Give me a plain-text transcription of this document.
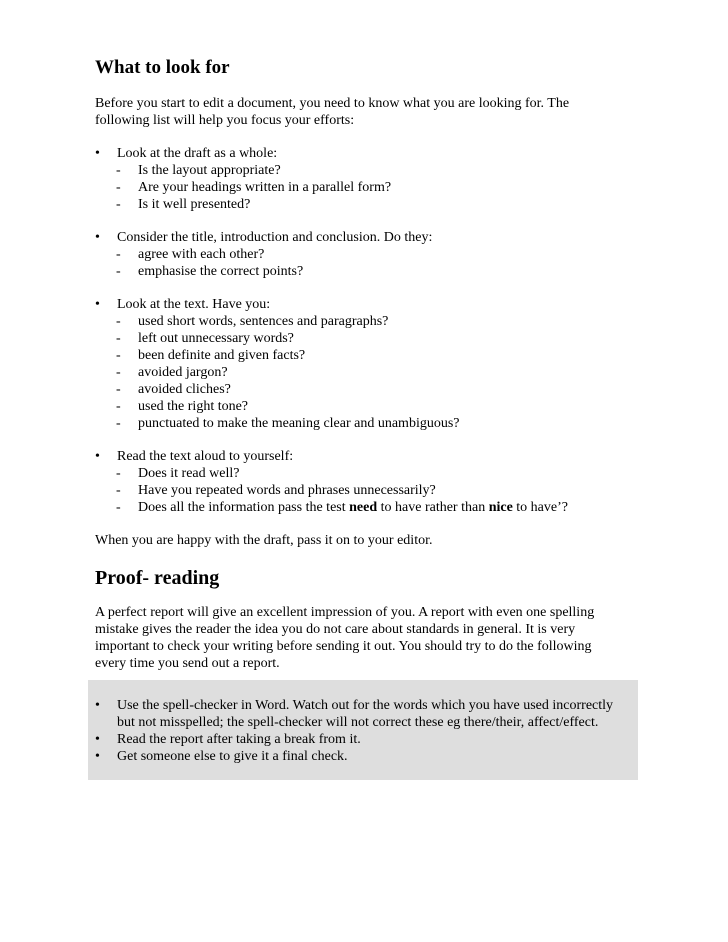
What to look for

Before you start to edit a document, you need to know what you are looking for. The
following list will help you focus your efforts:

• Look at the draft as a whole:
- Is the layout appropriate?
- Are your headings written in a parallel form?
- Is it well presented?
• Consider the title, introduction and conclusion. Do they:
- agree with each other?
- emphasise the correct points?
• Look at the text. Have you:
- used short words, sentences and paragraphs?
- left out unnecessary words?
- been definite and given facts?
- avoided jargon?
- avoided cliches?
- used the right tone?
- punctuated to make the meaning clear and unambiguous?
• Read the text aloud to yourself:
- Does it read well?
- Have you repeated words and phrases unnecessarily?
- Does all the information pass the test need to have rather than nice to have’?

When you are happy with the draft, pass it on to your editor.

Proof- reading

A perfect report will give an excellent impression of you. A report with even one spelling
mistake gives the reader the idea you do not care about standards in general. It is very
important to check your writing before sending it out. You should try to do the following
every time you send out a report.

• Use the spell-checker in Word. Watch out for the words which you have used incorrectly
but not misspelled; the spell-checker will not correct these eg there/their, affect/effect.
• Read the report after taking a break from it.
• Get someone else to give it a final check.
